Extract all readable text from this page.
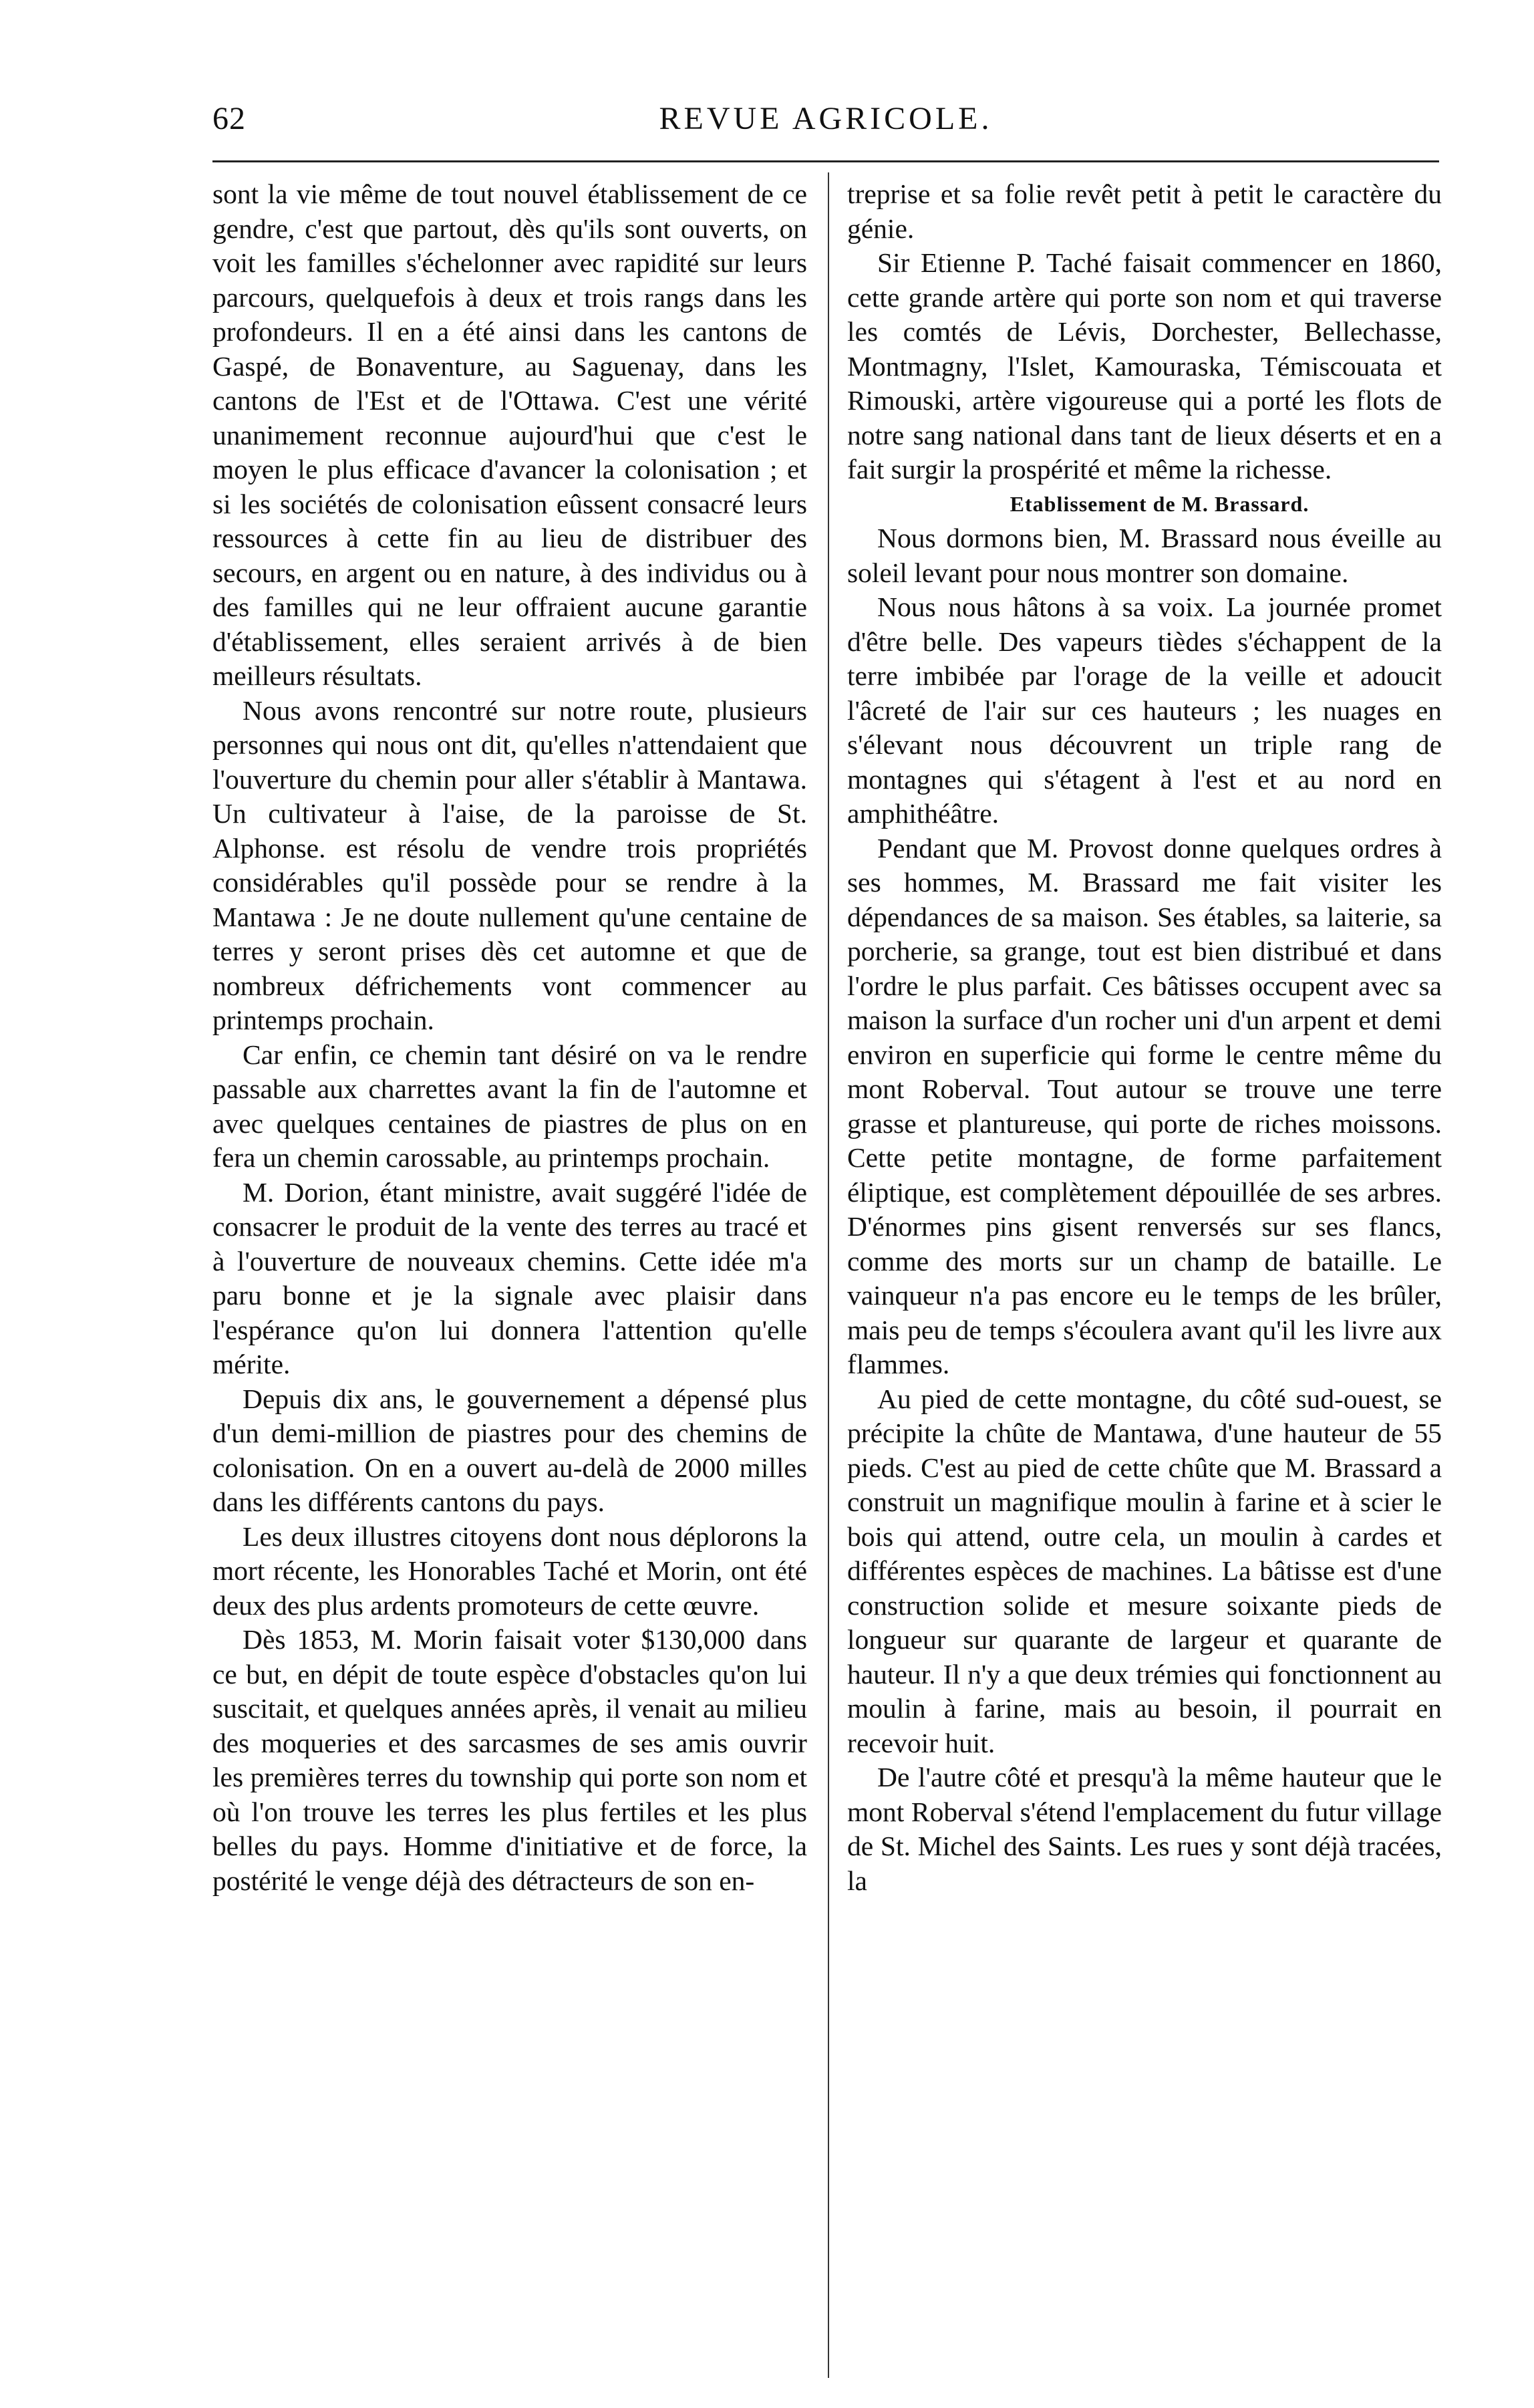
62	REVUE AGRICOLE.

sont la vie même de tout nouvel établissement de ce gendre, c'est que partout, dès qu'ils sont ouverts, on voit les familles s'échelonner avec rapidité sur leurs parcours, quelquefois à deux et trois rangs dans les profondeurs. Il en a été ainsi dans les cantons de Gaspé, de Bonaventure, au Saguenay, dans les cantons de l'Est et de l'Ottawa. C'est une vérité unanimement reconnue aujourd'hui que c'est le moyen le plus efficace d'avancer la colonisation ; et si les sociétés de colonisation eûssent consacré leurs ressources à cette fin au lieu de distribuer des secours, en argent ou en nature, à des individus ou à des familles qui ne leur offraient aucune garantie d'établissement, elles seraient arrivés à de bien meilleurs résultats.

Nous avons rencontré sur notre route, plusieurs personnes qui nous ont dit, qu'elles n'attendaient que l'ouverture du chemin pour aller s'établir à Mantawa. Un cultivateur à l'aise, de la paroisse de St. Alphonse. est résolu de vendre trois propriétés considérables qu'il possède pour se rendre à la Mantawa : Je ne doute nullement qu'une centaine de terres y seront prises dès cet automne et que de nombreux défrichements vont commencer au printemps prochain.

Car enfin, ce chemin tant désiré on va le rendre passable aux charrettes avant la fin de l'automne et avec quelques centaines de piastres de plus on en fera un chemin carossable, au printemps prochain.

M. Dorion, étant ministre, avait suggéré l'idée de consacrer le produit de la vente des terres au tracé et à l'ouverture de nouveaux chemins. Cette idée m'a paru bonne et je la signale avec plaisir dans l'espérance qu'on lui donnera l'attention qu'elle mérite.

Depuis dix ans, le gouvernement a dépensé plus d'un demi-million de piastres pour des chemins de colonisation. On en a ouvert au-delà de 2000 milles dans les différents cantons du pays.

Les deux illustres citoyens dont nous déplorons la mort récente, les Honorables Taché et Morin, ont été deux des plus ardents promoteurs de cette œuvre.

Dès 1853, M. Morin faisait voter $130,000 dans ce but, en dépit de toute espèce d'obstacles qu'on lui suscitait, et quelques années après, il venait au milieu des moqueries et des sarcasmes de ses amis ouvrir les premières terres du township qui porte son nom et où l'on trouve les terres les plus fertiles et les plus belles du pays. Homme d'initiative et de force, la postérité le venge déjà des détracteurs de son en-

treprise et sa folie revêt petit à petit le caractère du génie.

Sir Etienne P. Taché faisait commencer en 1860, cette grande artère qui porte son nom et qui traverse les comtés de Lévis, Dorchester, Bellechasse, Montmagny, l'Islet, Kamouraska, Témiscouata et Rimouski, artère vigoureuse qui a porté les flots de notre sang national dans tant de lieux déserts et en a fait surgir la prospérité et même la richesse.

Etablissement de M. Brassard.

Nous dormons bien, M. Brassard nous éveille au soleil levant pour nous montrer son domaine.

Nous nous hâtons à sa voix. La journée promet d'être belle. Des vapeurs tièdes s'échappent de la terre imbibée par l'orage de la veille et adoucit l'âcreté de l'air sur ces hauteurs ; les nuages en s'élevant nous découvrent un triple rang de montagnes qui s'étagent à l'est et au nord en amphithéâtre.

Pendant que M. Provost donne quelques ordres à ses hommes, M. Brassard me fait visiter les dépendances de sa maison. Ses étables, sa laiterie, sa porcherie, sa grange, tout est bien distribué et dans l'ordre le plus parfait. Ces bâtisses occupent avec sa maison la surface d'un rocher uni d'un arpent et demi environ en superficie qui forme le centre même du mont Roberval. Tout autour se trouve une terre grasse et plantureuse, qui porte de riches moissons. Cette petite montagne, de forme parfaitement éliptique, est complètement dépouillée de ses arbres. D'énormes pins gisent renversés sur ses flancs, comme des morts sur un champ de bataille. Le vainqueur n'a pas encore eu le temps de les brûler, mais peu de temps s'écoulera avant qu'il les livre aux flammes.

Au pied de cette montagne, du côté sud-ouest, se précipite la chûte de Mantawa, d'une hauteur de 55 pieds. C'est au pied de cette chûte que M. Brassard a construit un magnifique moulin à farine et à scier le bois qui attend, outre cela, un moulin à cardes et différentes espèces de machines. La bâtisse est d'une construction solide et mesure soixante pieds de longueur sur quarante de largeur et quarante de hauteur. Il n'y a que deux trémies qui fonctionnent au moulin à farine, mais au besoin, il pourrait en recevoir huit.

De l'autre côté et presqu'à la même hauteur que le mont Roberval s'étend l'emplacement du futur village de St. Michel des Saints. Les rues y sont déjà tracées, la
